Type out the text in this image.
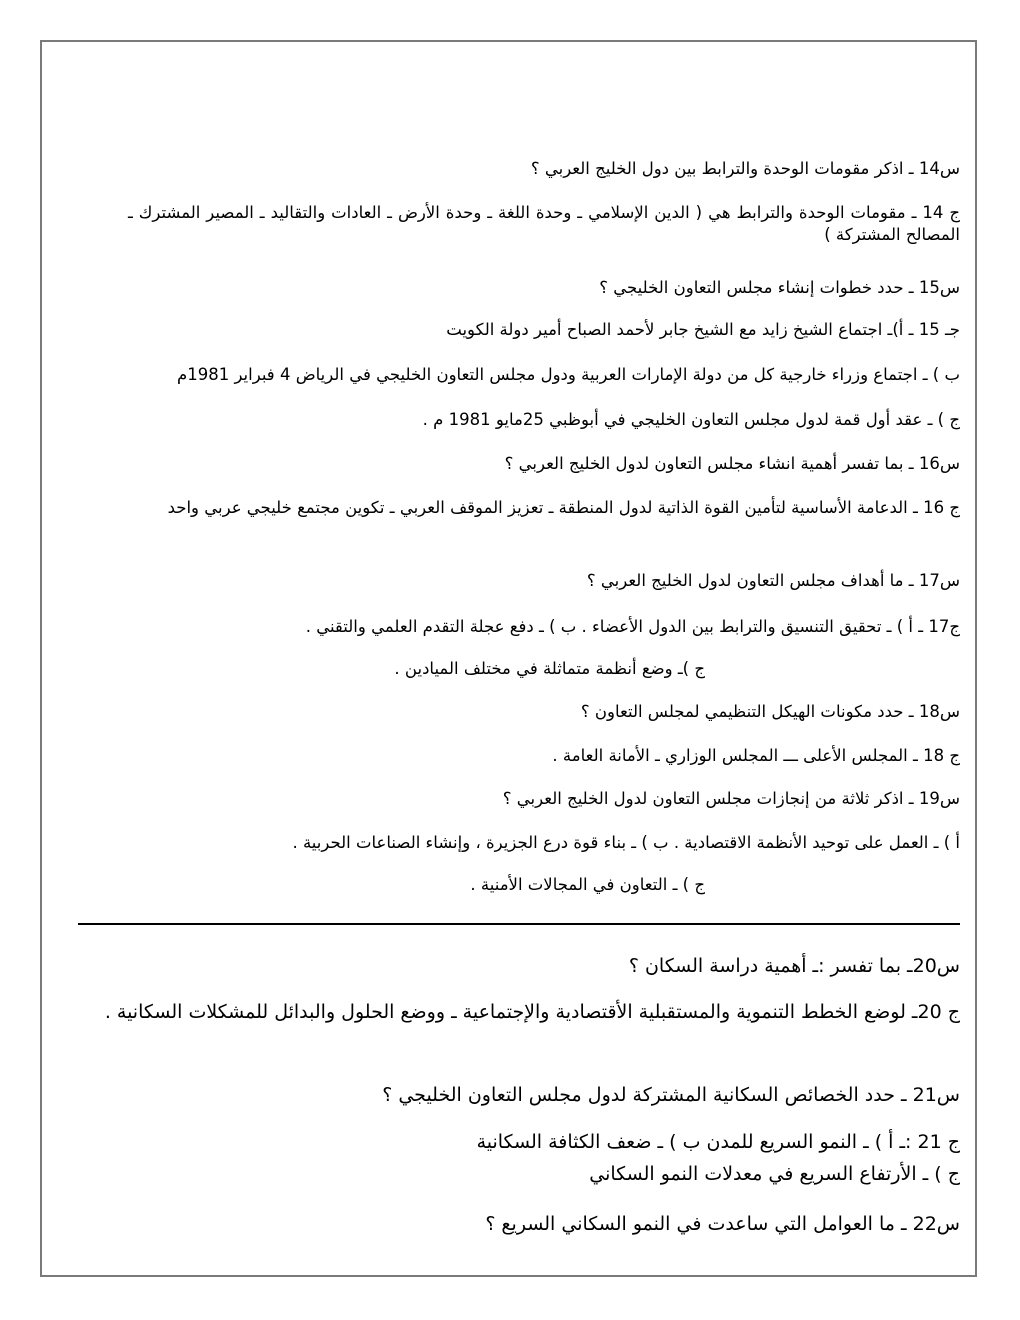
س14 ـ اذكر مقومات الوحدة والترابط بين دول الخليج العربي ؟
ج 14 ـ مقومات الوحدة والترابط هي ( الدين الإسلامي ـ وحدة اللغة ـ وحدة الأرض ـ العادات والتقاليد ـ المصير المشترك ـ المصالح المشتركة )
س15 ـ حدد خطوات إنشاء مجلس التعاون الخليجي ؟
جـ 15 ـ أ)ـ اجتماع الشيخ زايد مع الشيخ جابر لأحمد الصباح أمير دولة الكويت
ب ) ـ اجتماع وزراء خارجية كل من دولة الإمارات العربية ودول مجلس التعاون الخليجي في الرياض 4 فبراير 1981م
ج ) ـ عقد أول قمة لدول مجلس التعاون الخليجي في أبوظبي 25مايو 1981 م .
س16 ـ بما تفسر أهمية انشاء مجلس التعاون لدول الخليج العربي ؟
ج 16 ـ الدعامة الأساسية لتأمين القوة الذاتية لدول المنطقة ـ تعزيز الموقف العربي ـ تكوين مجتمع خليجي عربي واحد
س17 ـ ما أهداف مجلس التعاون لدول الخليج العربي ؟
ج17 ـ أ ) ـ تحقيق التنسيق والترابط بين الدول الأعضاء . ب ) ـ دفع عجلة التقدم العلمي والتقني .
ج )ـ وضع أنظمة متماثلة في مختلف الميادين .
س18 ـ حدد مكونات الهيكل التنظيمي لمجلس التعاون ؟
ج 18 ـ المجلس الأعلى ـــ المجلس الوزاري ـ الأمانة العامة .
س19 ـ اذكر ثلاثة من إنجازات مجلس التعاون لدول الخليج العربي ؟
أ ) ـ العمل على توحيد الأنظمة الاقتصادية . ب ) ـ بناء قوة درع الجزيرة ، وإنشاء الصناعات الحربية .
ج ) ـ التعاون في المجالات الأمنية .
س20ـ بما تفسر :ـ أهمية دراسة السكان ؟
ج 20ـ لوضع الخطط التنموية والمستقبلية الأقتصادية والإجتماعية ـ ووضع الحلول والبدائل للمشكلات السكانية .
س21 ـ حدد الخصائص السكانية المشتركة لدول مجلس التعاون الخليجي ؟
ج 21 :ـ أ ) ـ النمو السريع للمدن ب ) ـ ضعف الكثافة السكانية
ج ) ـ الأرتفاع السريع في معدلات النمو السكاني
س22 ـ ما العوامل التي ساعدت في النمو السكاني السريع ؟
